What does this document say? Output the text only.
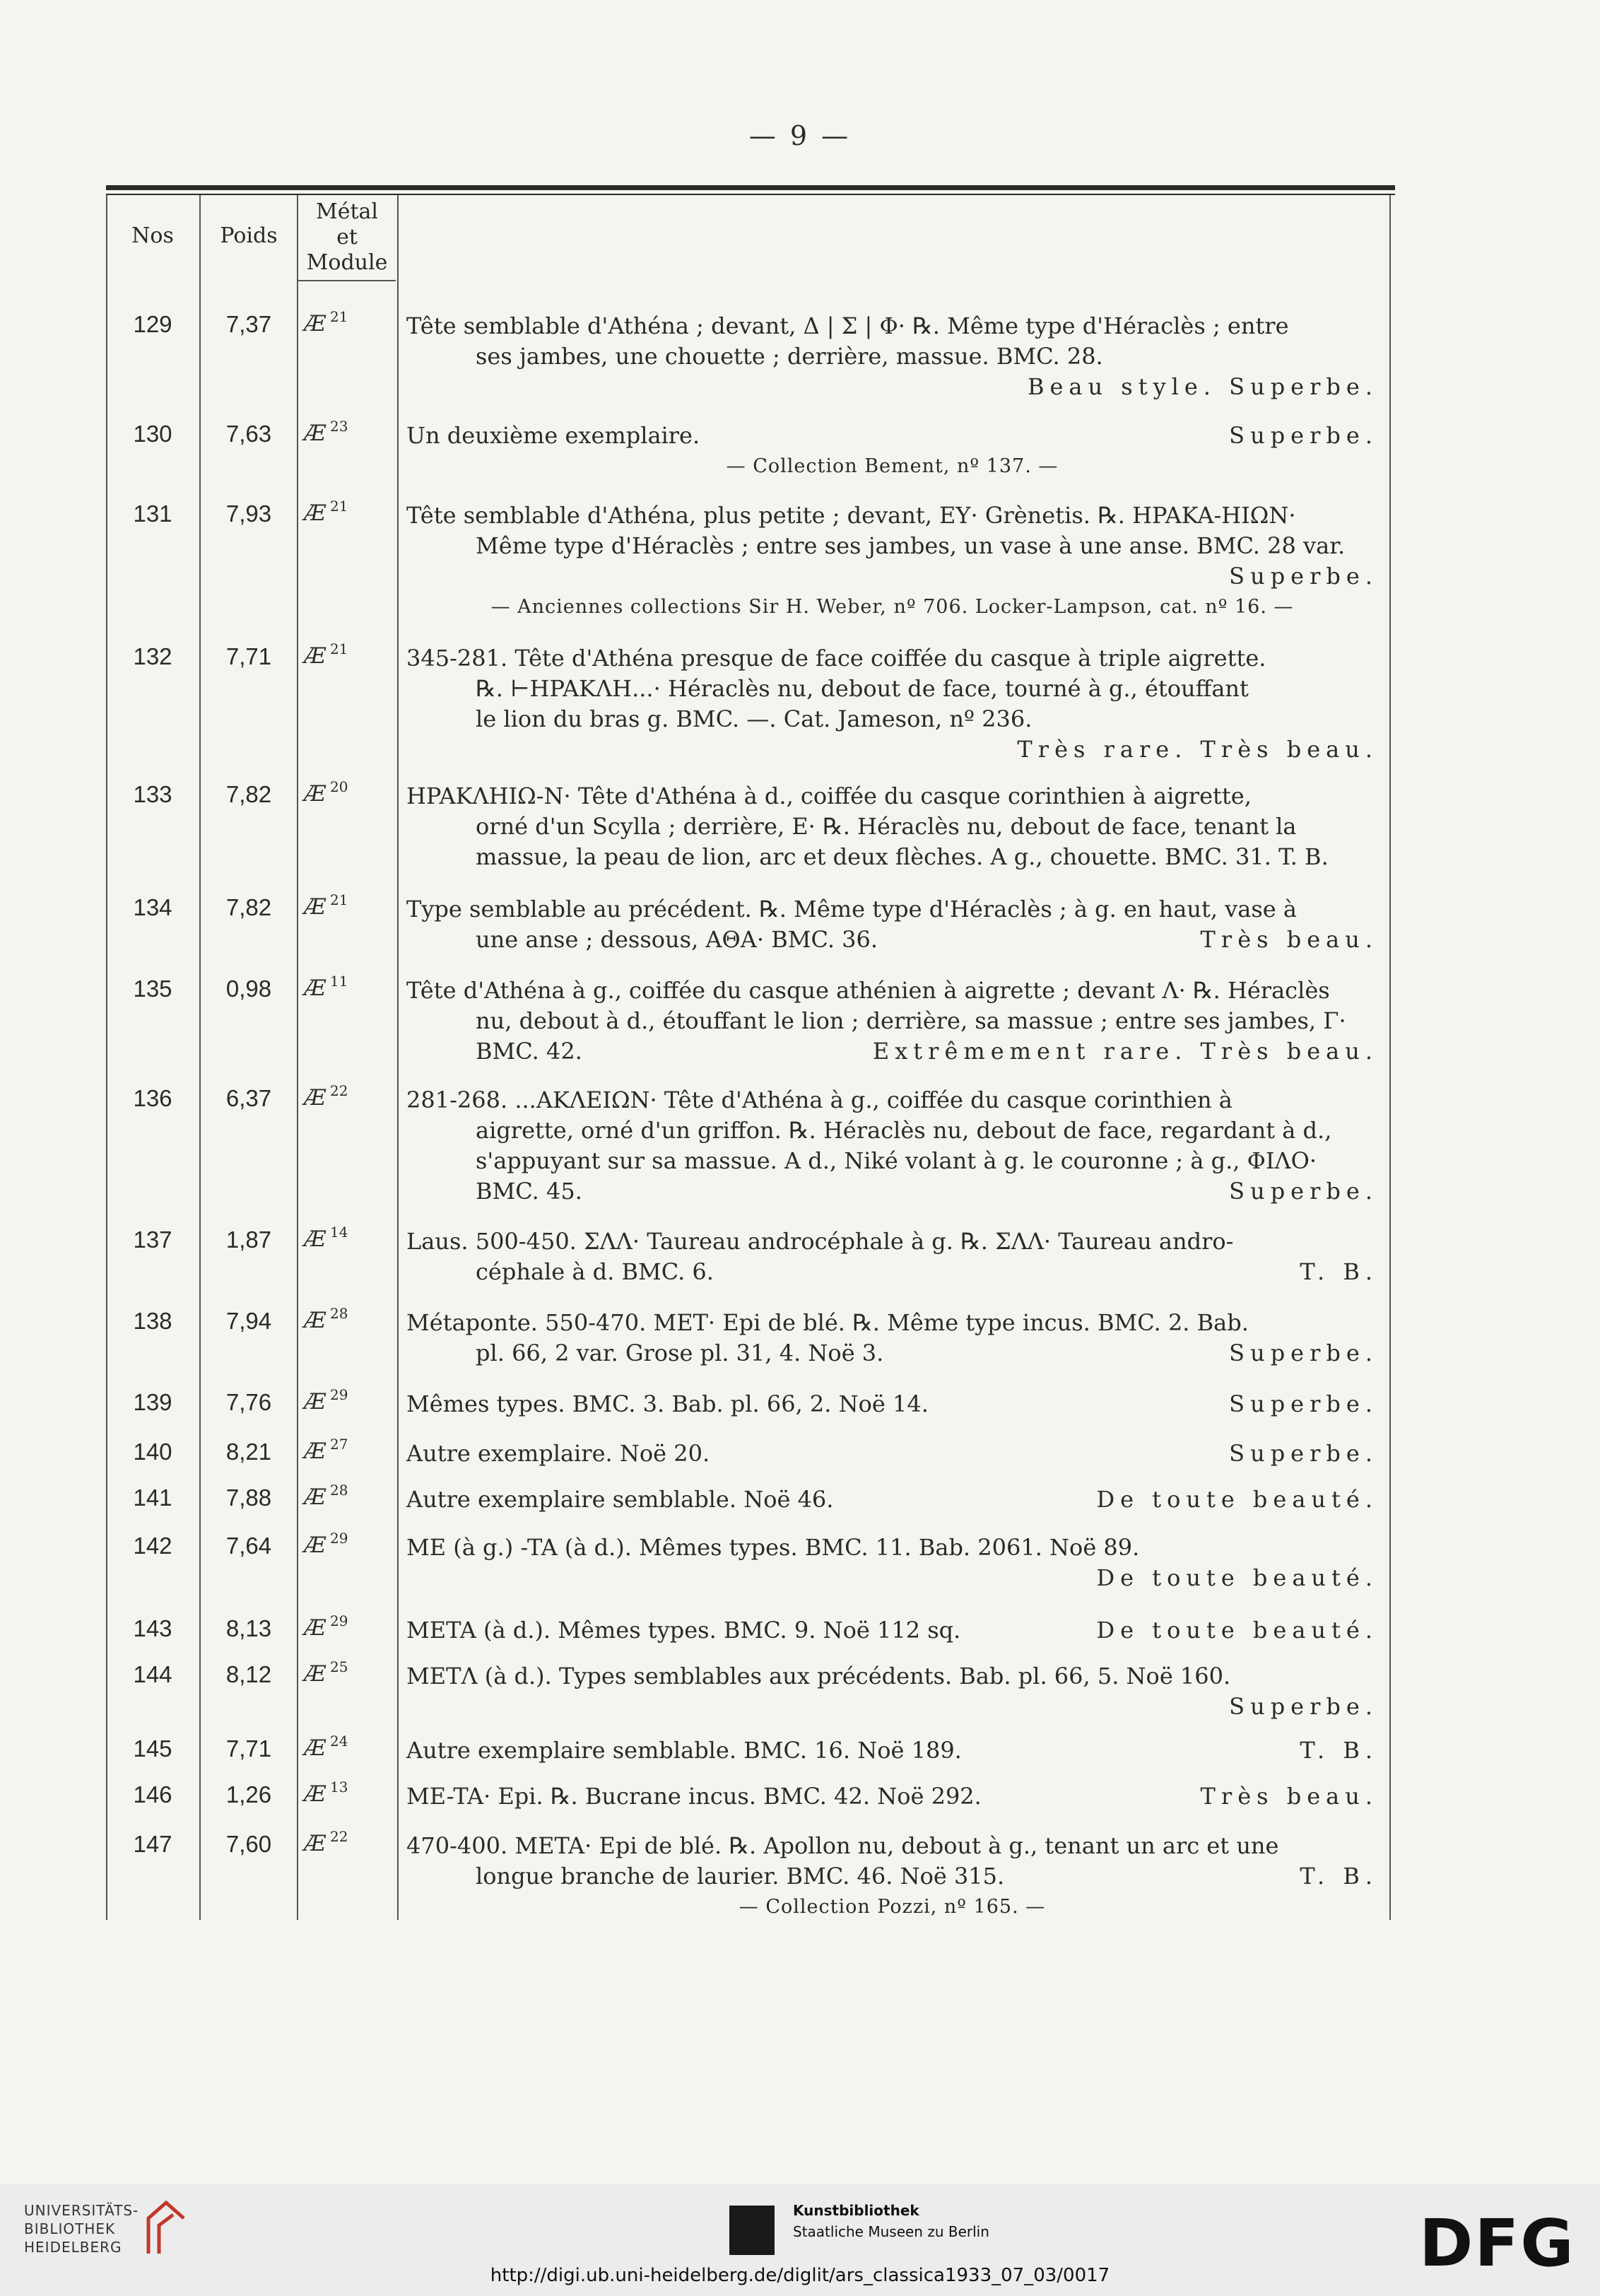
— 9 —
Nos	Poids
Métal
et
Module
129	7,37	Æ $^{21}$	Tête semblable d'Athéna ; devant, Δ | Σ | Φ· ℞. Même type d'Héraclès ; entre
ses jambes, une chouette ; derrière, massue. BMC. 28.
Beau style. Superbe.
130	7,63	Æ $^{23}$	Un deuxième exemplaire.	Superbe.
— Collection Bement, nº 137. —
131	7,93	Æ $^{21}$	Tête semblable d'Athéna, plus petite ; devant, EY· Grènetis. ℞. HPAKA-HIΩN·
Même type d'Héraclès ; entre ses jambes, un vase à une anse. BMC. 28 var.
Superbe.
— Anciennes collections Sir H. Weber, nº 706. Locker-Lampson, cat. nº 16. —
132	7,71	Æ $^{21}$	345-281. Tête d'Athéna presque de face coiffée du casque à triple aigrette.
℞. ⊢HPAKΛH...· Héraclès nu, debout de face, tourné à g., étouffant
le lion du bras g. BMC. —. Cat. Jameson, nº 236.
Très rare. Très beau.
133	7,82	Æ $^{20}$	HPAKΛHIΩ-N· Tête d'Athéna à d., coiffée du casque corinthien à aigrette,
orné d'un Scylla ; derrière, E· ℞. Héraclès nu, debout de face, tenant la
massue, la peau de lion, arc et deux flèches. A g., chouette. BMC. 31. T. B.
134	7,82	Æ $^{21}$	Type semblable au précédent. ℞. Même type d'Héraclès ; à g. en haut, vase à
une anse ; dessous, AΘA· BMC. 36.	Très beau.
135	0,98	Æ $^{11}$	Tête d'Athéna à g., coiffée du casque athénien à aigrette ; devant Λ· ℞. Héraclès
nu, debout à d., étouffant le lion ; derrière, sa massue ; entre ses jambes, Γ·
BMC. 42.	Extrêmement rare. Très beau.
136	6,37	Æ $^{22}$	281-268. ...AKΛEIΩN· Tête d'Athéna à g., coiffée du casque corinthien à
aigrette, orné d'un griffon. ℞. Héraclès nu, debout de face, regardant à d.,
s'appuyant sur sa massue. A d., Niké volant à g. le couronne ; à g., ΦIΛO·
BMC. 45.	Superbe.
137	1,87	Æ $^{14}$	Laus. 500-450. ΣΛΛ· Taureau androcéphale à g. ℞. ΣΛΛ· Taureau andro-
céphale à d. BMC. 6.	T. B.
138	7,94	Æ $^{28}$	Métaponte. 550-470. MET· Epi de blé. ℞. Même type incus. BMC. 2. Bab.
pl. 66, 2 var. Grose pl. 31, 4. Noë 3.	Superbe.
139	7,76	Æ $^{29}$	Mêmes types. BMC. 3. Bab. pl. 66, 2. Noë 14.	Superbe.
140	8,21	Æ $^{27}$	Autre exemplaire. Noë 20.	Superbe.
141	7,88	Æ $^{28}$	Autre exemplaire semblable. Noë 46.	De toute beauté.
142	7,64	Æ $^{29}$	ME (à g.) -TA (à d.). Mêmes types. BMC. 11. Bab. 2061. Noë 89.
De toute beauté.
143	8,13	Æ $^{29}$	META (à d.). Mêmes types. BMC. 9. Noë 112 sq.	De toute beauté.
144	8,12	Æ $^{25}$	METΛ (à d.). Types semblables aux précédents. Bab. pl. 66, 5. Noë 160.
Superbe.
145	7,71	Æ $^{24}$	Autre exemplaire semblable. BMC. 16. Noë 189.	T. B.
146	1,26	Æ $^{13}$	ME-TA· Epi. ℞. Bucrane incus. BMC. 42. Noë 292.	Très beau.
147	7,60	Æ $^{22}$	470-400. META· Epi de blé. ℞. Apollon nu, debout à g., tenant un arc et une
longue branche de laurier. BMC. 46. Noë 315.	T. B.
— Collection Pozzi, nº 165. —
UNIVERSITÄTS-
BIBLIOTHEK
HEIDELBERG
Kunstbibliothek
Staatliche Museen zu Berlin	DFG
http://digi.ub.uni-heidelberg.de/diglit/ars_classica1933_07_03/0017
